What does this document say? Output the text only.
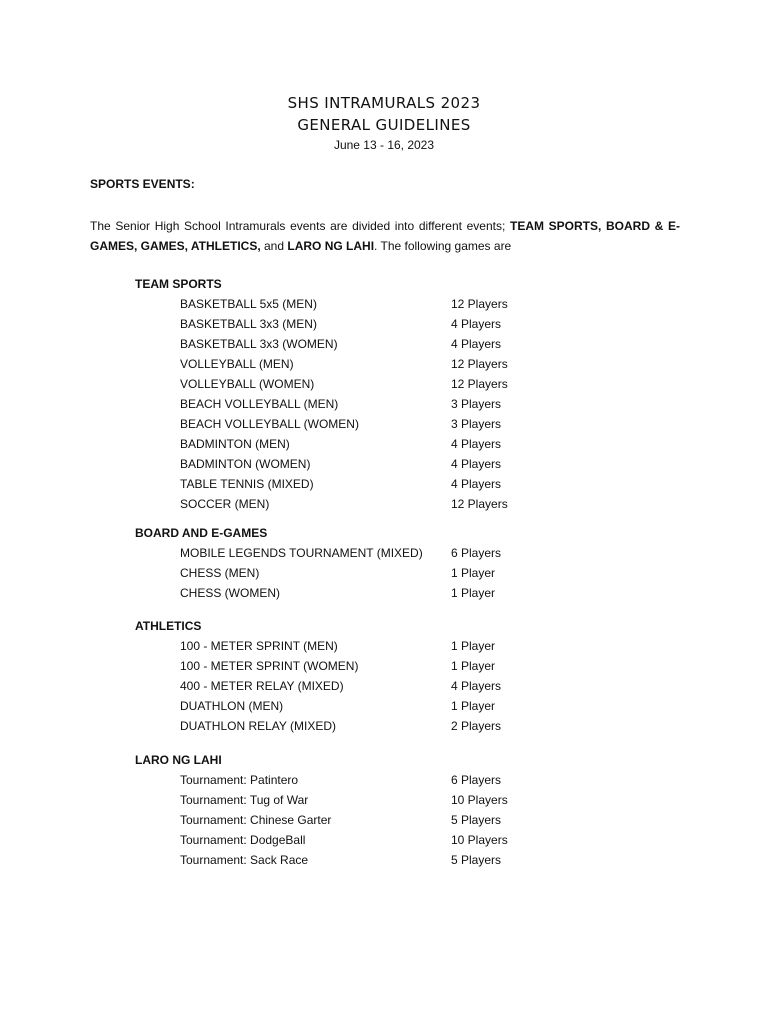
SHS INTRAMURALS 2023
GENERAL GUIDELINES
June 13 - 16, 2023
SPORTS EVENTS:
The Senior High School Intramurals events are divided into different events; TEAM SPORTS, BOARD & E-GAMES, GAMES, ATHLETICS, and LARO NG LAHI. The following games are
TEAM SPORTS
BASKETBALL 5x5 (MEN)	12 Players
BASKETBALL 3x3 (MEN)	4 Players
BASKETBALL 3x3 (WOMEN)	4 Players
VOLLEYBALL (MEN)	12 Players
VOLLEYBALL (WOMEN)	12 Players
BEACH VOLLEYBALL (MEN)	3 Players
BEACH VOLLEYBALL (WOMEN)	3 Players
BADMINTON (MEN)	4 Players
BADMINTON (WOMEN)	4 Players
TABLE TENNIS (MIXED)	4 Players
SOCCER (MEN)	12 Players
BOARD AND E-GAMES
MOBILE LEGENDS TOURNAMENT (MIXED) 6 Players
CHESS (MEN)	1 Player
CHESS (WOMEN)	1 Player
ATHLETICS
100 - METER SPRINT (MEN)	1 Player
100 - METER SPRINT (WOMEN)	1 Player
400 - METER RELAY (MIXED)	4 Players
DUATHLON (MEN)	1 Player
DUATHLON RELAY (MIXED)	2 Players
LARO NG LAHI
Tournament: Patintero	6 Players
Tournament: Tug of War	10 Players
Tournament: Chinese Garter	5 Players
Tournament: DodgeBall	10 Players
Tournament: Sack Race	5 Players
